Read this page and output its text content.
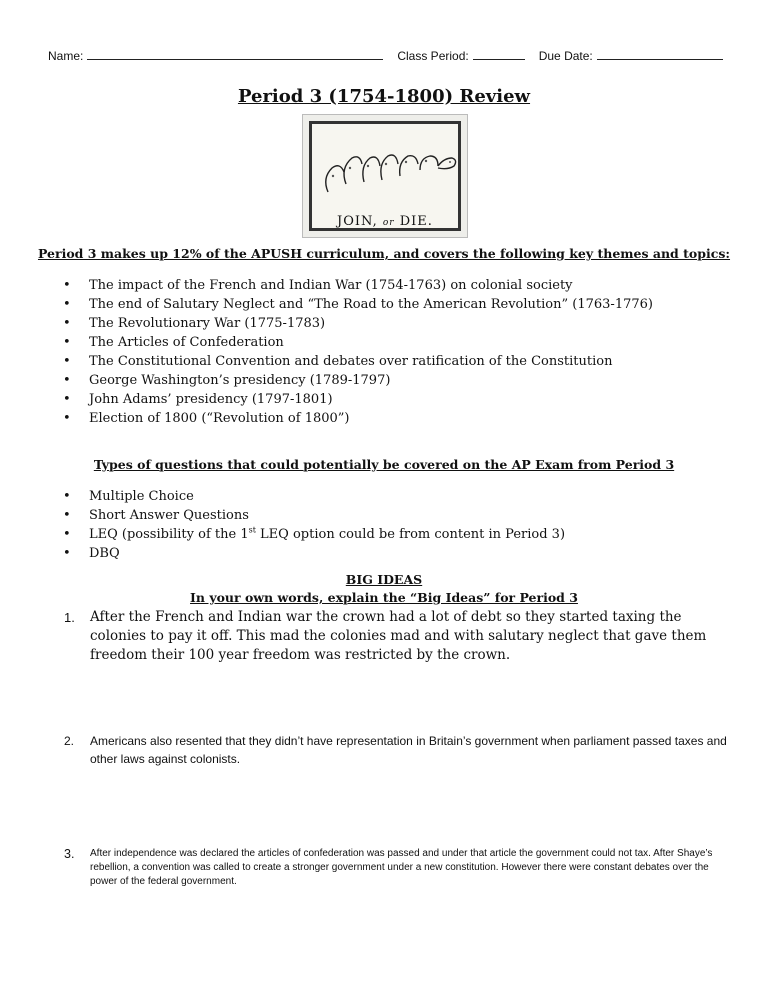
Name:	Class Period:	Due Date:
Period 3 (1754-1800) Review
JOIN, or DIE.
Period 3 makes up 12% of the APUSH curriculum, and covers the following key themes and topics:
• The impact of the French and Indian War (1754-1763) on colonial society
• The end of Salutary Neglect and “The Road to the American Revolution” (1763-1776)
• The Revolutionary War (1775-1783)
• The Articles of Confederation
• The Constitutional Convention and debates over ratification of the Constitution
• George Washington’s presidency (1789-1797)
• John Adams’ presidency (1797-1801)
• Election of 1800 (“Revolution of 1800”)
Types of questions that could potentially be covered on the AP Exam from Period 3
• Multiple Choice
• Short Answer Questions
• LEQ (possibility of the 1st LEQ option could be from content in Period 3)
• DBQ
BIG IDEAS
In your own words, explain the “Big Ideas” for Period 3
1.	After the French and Indian war the crown had a lot of debt so they started taxing the colonies to pay it off. This mad the colonies mad and with salutary neglect that gave them freedom their 100 year freedom was restricted by the crown.
2.	Americans also resented that they didn’t have representation in Britain’s government when parliament passed taxes and other laws against colonists.
3.	After independence was declared the articles of confederation was passed and under that article the government could not tax. After Shaye’s rebellion, a convention was called to create a stronger government under a new constitution. However there were constant debates over the power of the federal government.
